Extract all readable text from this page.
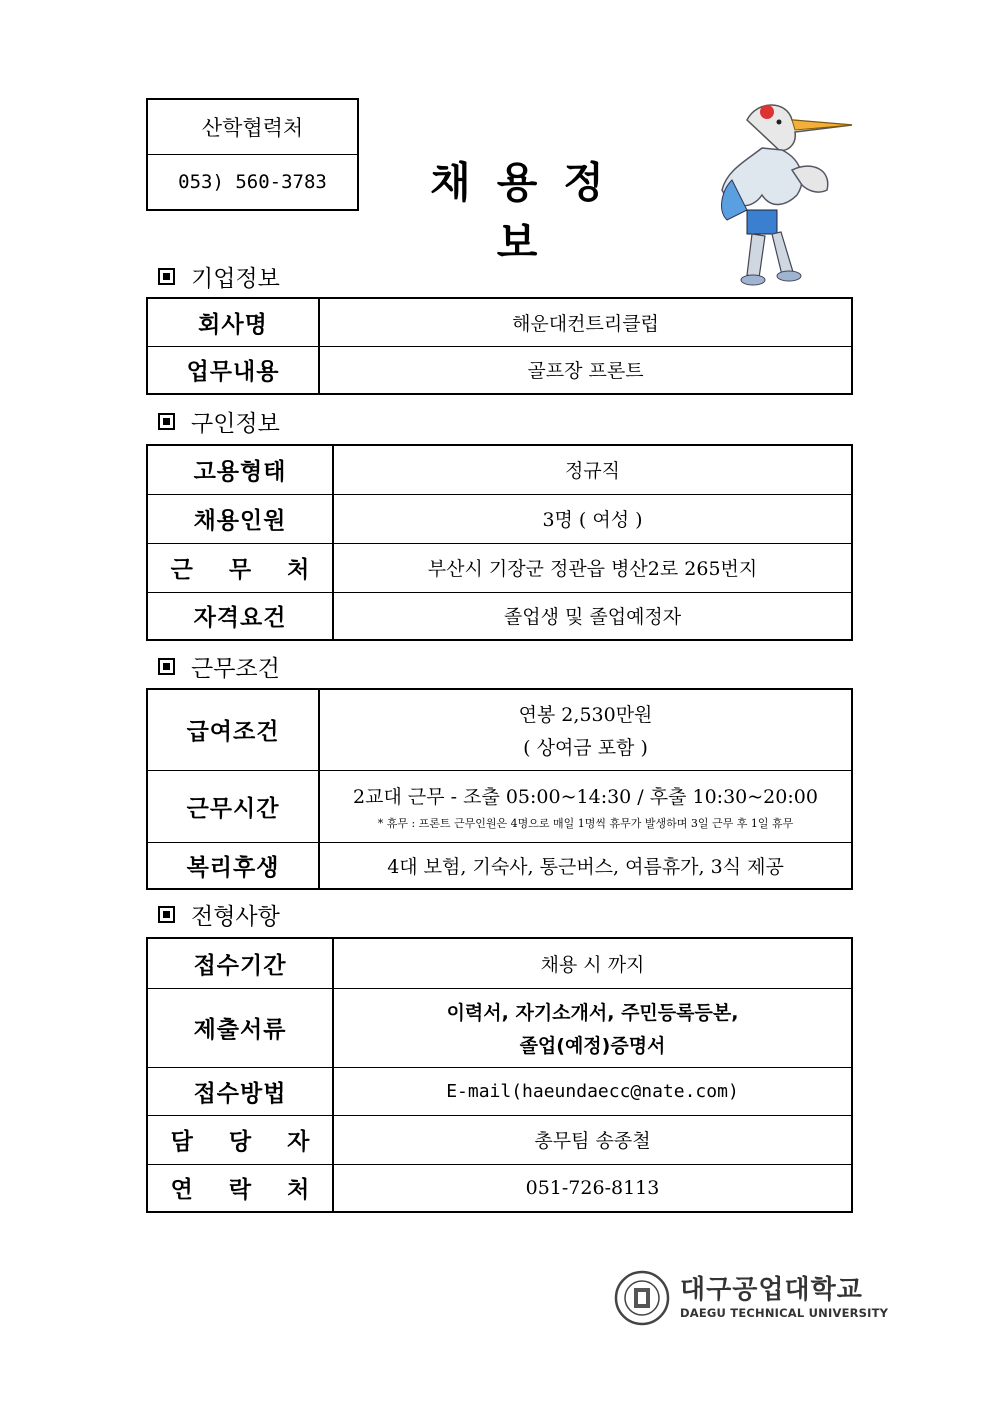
산학협력처
053) 560-3783	채용정보
기업정보
회사명	해운대컨트리클럽
업무내용	골프장 프론트
구인정보
고용형태	정규직
채용인원	3명 ( 여성 )
근 무 처	부산시 기장군 정관읍 병산2로 265번지
자격요건	졸업생 및 졸업예정자
근무조건
급여조건	연봉 2,530만원
( 상여금 포함 )

근무시간	2교대 근무 - 조출 05:00~14:30 / 후출 10:30~20:00
* 휴무 : 프론트 근무인원은 4명으로 매일 1명씩 휴무가 발생하며 3일 근무 후 1일 휴무

복리후생	4대 보험, 기숙사, 통근버스, 여름휴가, 3식 제공
전형사항
접수기간	채용 시 까지
제출서류	이력서, 자기소개서, 주민등록등본,
졸업(예정)증명서

접수방법	E-mail(haeundaecc@nate.com)
담 당 자	총무팀 송종철
연 락 처	051-726-8113
대구공업대학교
DAEGU TECHNICAL UNIVERSITY
